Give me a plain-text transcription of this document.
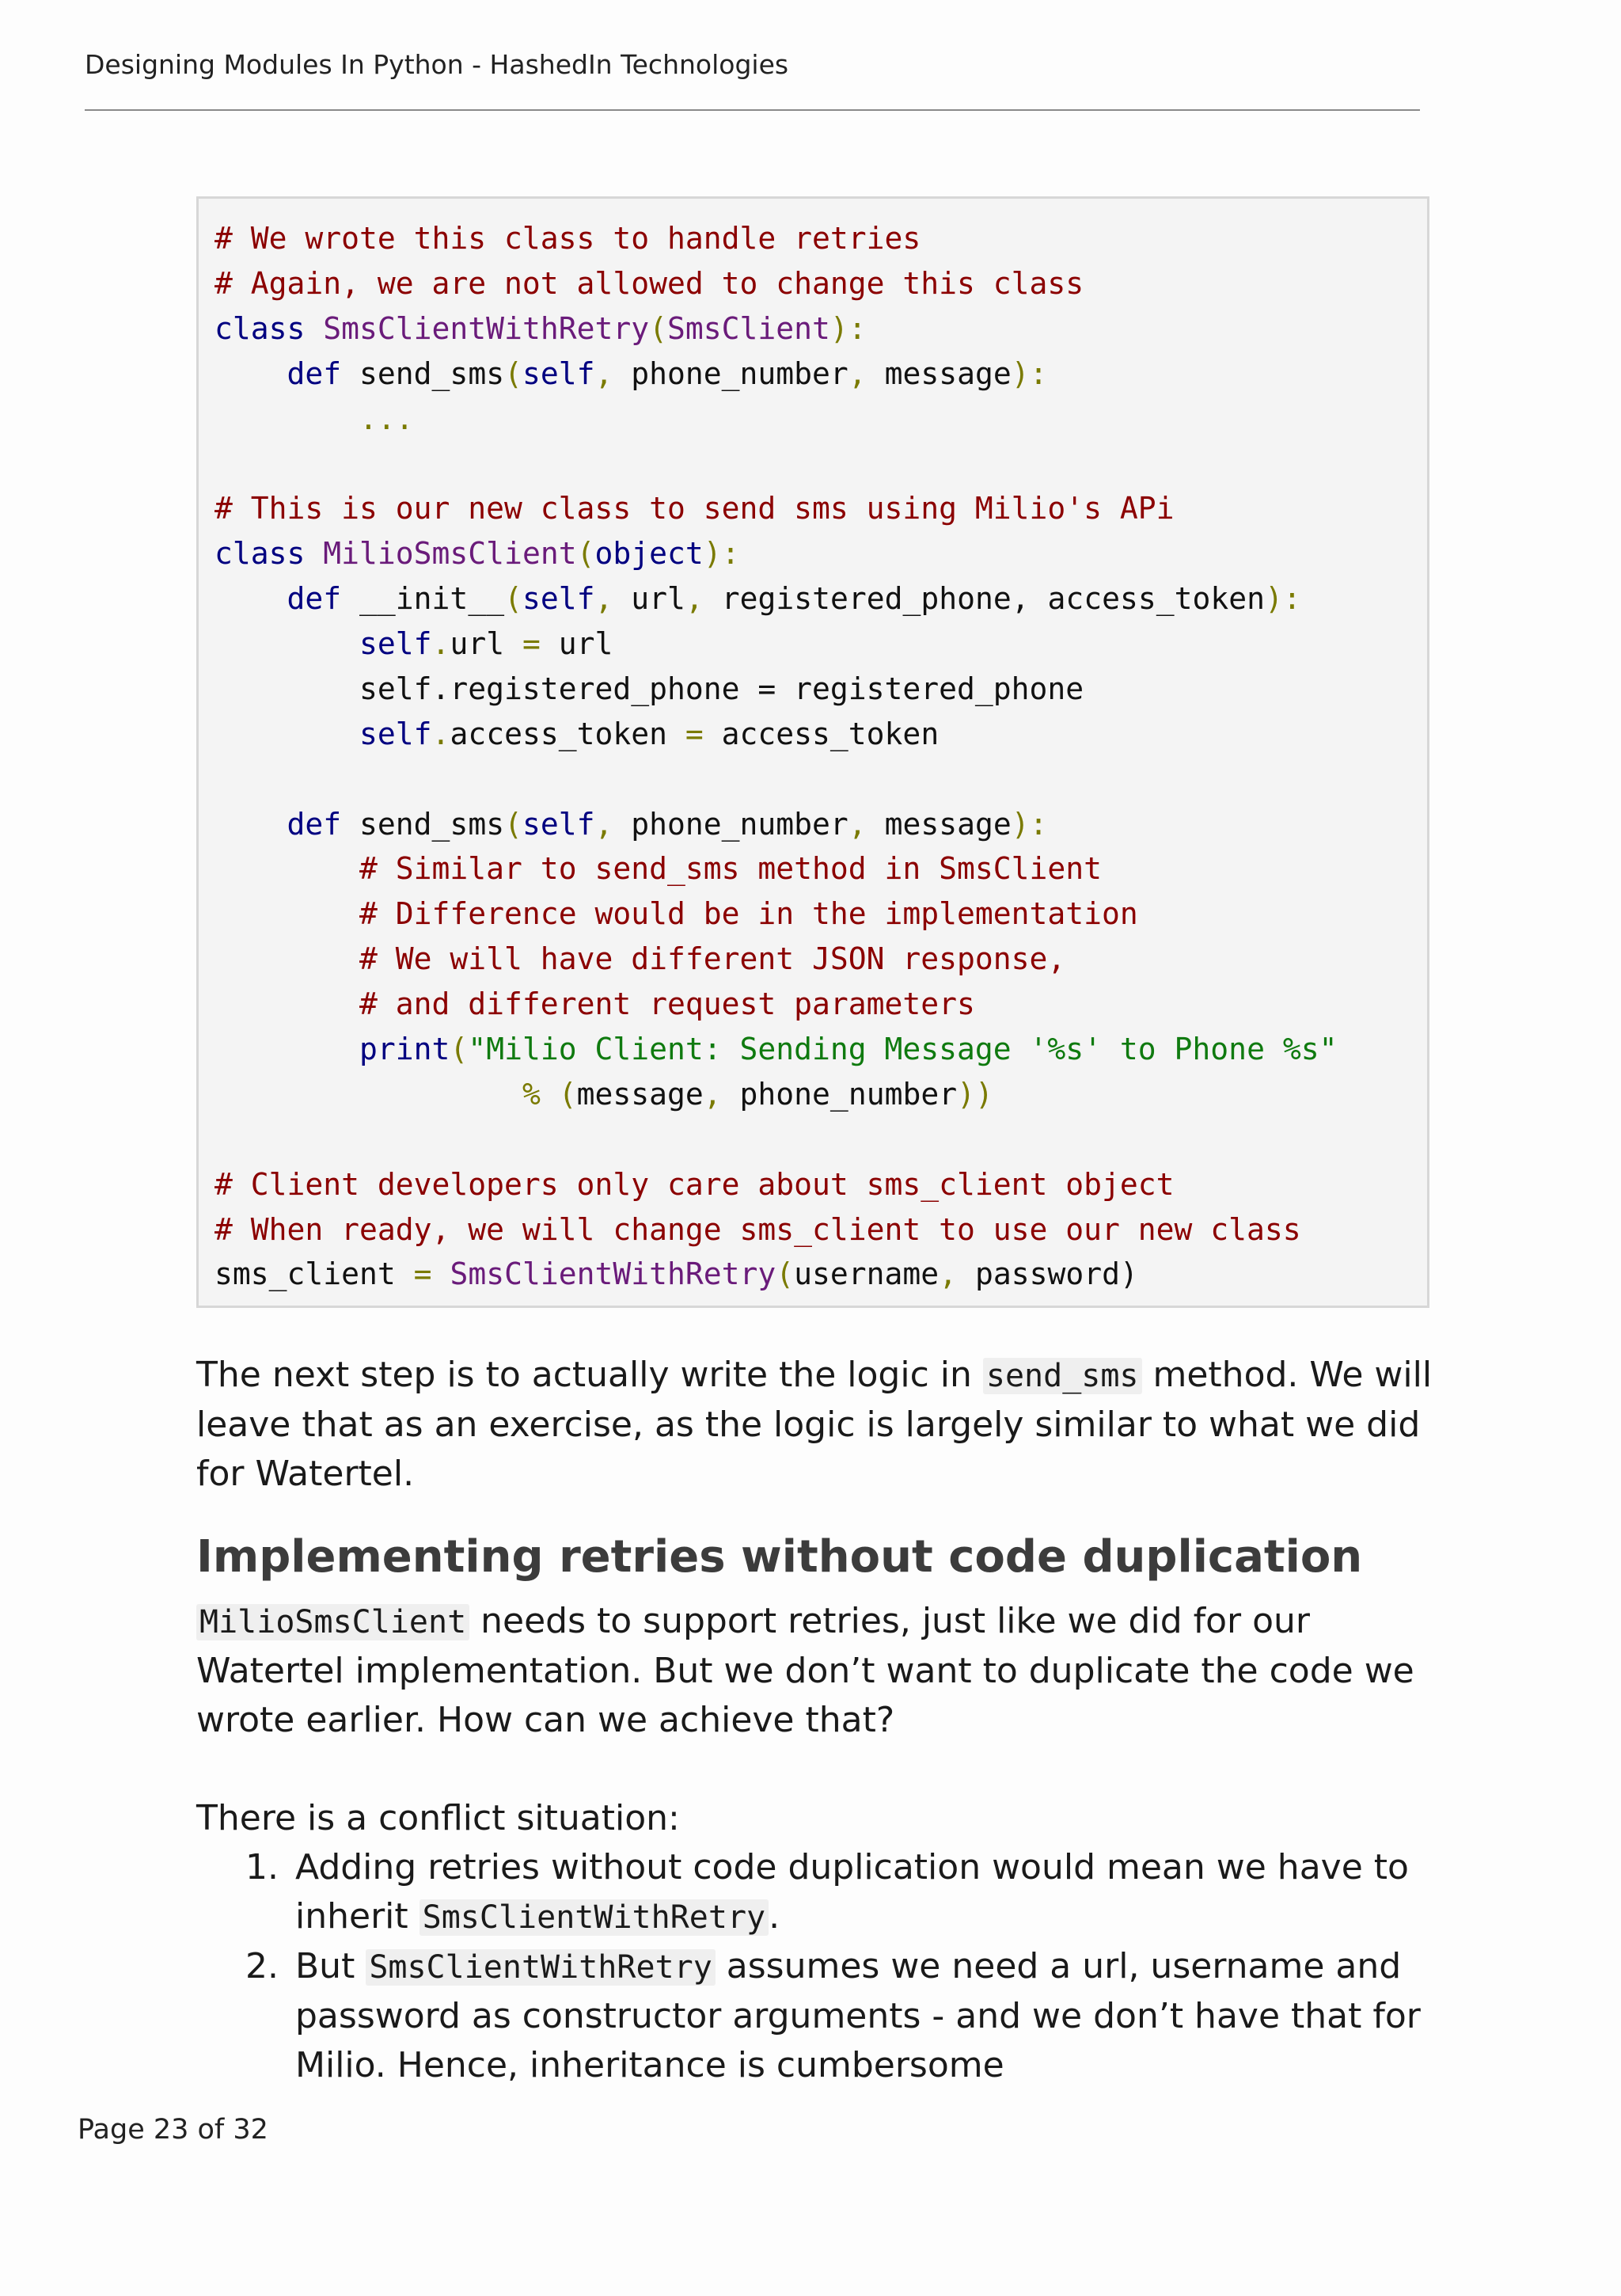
Designing Modules In Python - HashedIn Technologies
# We wrote this class to handle retries
# Again, we are not allowed to change this class
class SmsClientWithRetry(SmsClient):
def send_sms(self, phone_number, message):
...

# This is our new class to send sms using Milio's APi
class MilioSmsClient(object):
def __init__(self, url, registered_phone, access_token):
self.url = url
self.registered_phone = registered_phone
self.access_token = access_token

def send_sms(self, phone_number, message):
# Similar to send_sms method in SmsClient
# Difference would be in the implementation
# We will have different JSON response,
# and different request parameters
print("Milio Client: Sending Message '%s' to Phone %s"
% (message, phone_number))

# Client developers only care about sms_client object
# When ready, we will change sms_client to use our new class
sms_client = SmsClientWithRetry(username, password)

The next step is to actually write the logic in send_sms method. We will leave that as an exercise, as the logic is largely similar to what we did for Watertel.

Implementing retries without code duplication

MilioSmsClient needs to support retries, just like we did for our Watertel implementation. But we don’t want to duplicate the code we wrote earlier. How can we achieve that?

There is a conflict situation:

1. Adding retries without code duplication would mean we have to inherit SmsClientWithRetry.
2. But SmsClientWithRetry assumes we need a url, username and password as constructor arguments - and we don’t have that for Milio. Hence, inheritance is cumbersome
Page 23 of 32
